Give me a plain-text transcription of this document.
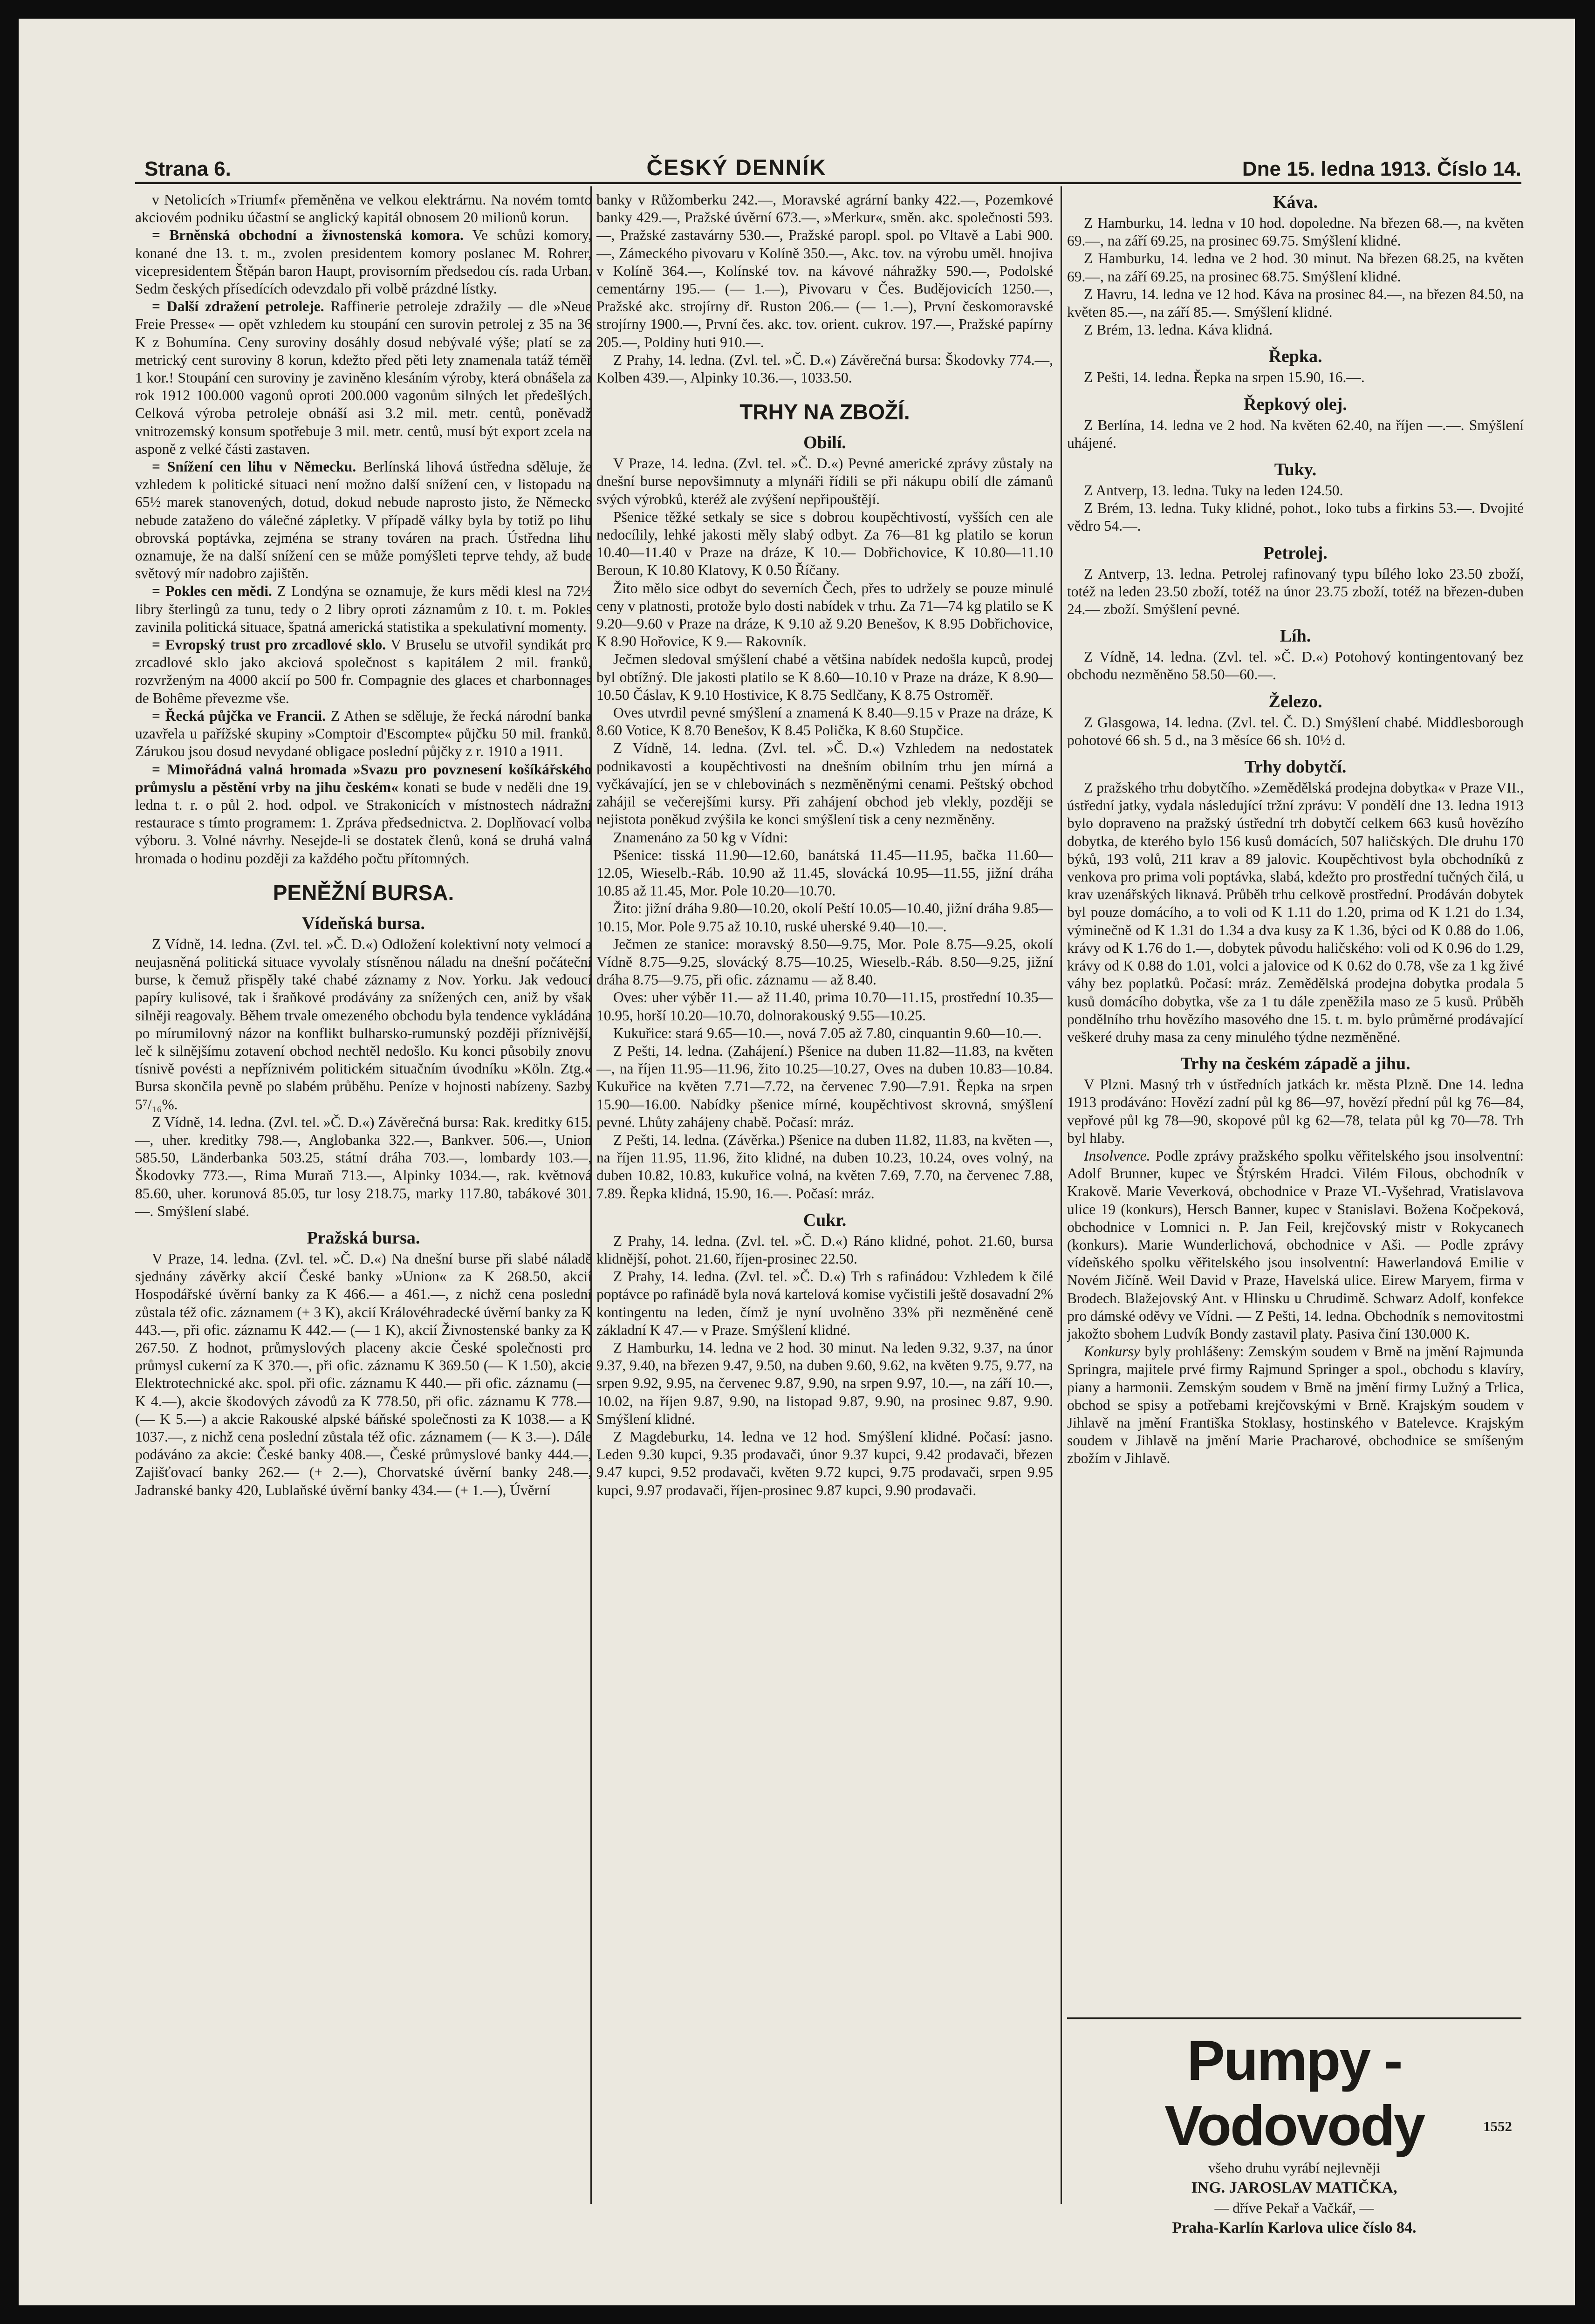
Strana 6.	ČESKÝ DENNÍK	Dne 15. ledna 1913. Číslo 14.

v Netolicích »Triumf« přeměněna ve velkou elektrárnu. Na novém tomto akciovém podniku účastní se anglický kapitál obnosem 20 milionů korun.

= Brněnská obchodní a živnostenská komora. Ve schůzi komory, konané dne 13. t. m., zvolen presidentem komory poslanec M. Rohrer, vicepresidentem Štěpán baron Haupt, provisorním předsedou cís. rada Urban. Sedm českých přísedících odevzdalo při volbě prázdné lístky.

= Další zdražení petroleje. Raffinerie petroleje zdražily — dle »Neue Freie Presse« — opět vzhledem ku stoupání cen surovin petrolej z 35 na 36 K z Bohumína. Ceny suroviny dosáhly dosud nebývalé výše; platí se za metrický cent suroviny 8 korun, kdežto před pěti lety znamenala tatáž téměř 1 kor.! Stoupání cen suroviny je zaviněno klesáním výroby, která obnášela za rok 1912 100.000 vagonů oproti 200.000 vagonům silných let předešlých. Celková výroba petroleje obnáší asi 3.2 mil. metr. centů, poněvadž vnitrozemský konsum spotřebuje 3 mil. metr. centů, musí být export zcela na asponě z velké části zastaven.

= Snížení cen lihu v Německu. Berlínská lihová ústředna sděluje, že vzhledem k politické situaci není možno další snížení cen, v listopadu na 65½ marek stanovených, dotud, dokud nebude naprosto jisto, že Německo nebude zataženo do válečné zápletky. V případě války byla by totiž po lihu obrovská poptávka, zejména se strany továren na prach. Ústředna lihu oznamuje, že na další snížení cen se může pomýšleti teprve tehdy, až bude světový mír nadobro zajištěn.

= Pokles cen mědi. Z Londýna se oznamuje, že kurs mědi klesl na 72½ libry šterlingů za tunu, tedy o 2 libry oproti záznamům z 10. t. m. Pokles zavinila politická situace, špatná americká statistika a spekulativní momenty.

= Evropský trust pro zrcadlové sklo. V Bruselu se utvořil syndikát pro zrcadlové sklo jako akciová společnost s kapitálem 2 mil. franků, rozvrženým na 4000 akcií po 500 fr. Compagnie des glaces et charbonnages de Bohême převezme vše.

= Řecká půjčka ve Francii. Z Athen se sděluje, že řecká národní banka uzavřela u pařížské skupiny »Comptoir d'Escompte« půjčku 50 mil. franků. Zárukou jsou dosud nevydané obligace poslední půjčky z r. 1910 a 1911.

= Mimořádná valná hromada »Svazu pro povznesení košíkářského průmyslu a pěstění vrby na jihu českém« konati se bude v neděli dne 19. ledna t. r. o půl 2. hod. odpol. ve Strakonicích v místnostech nádražní restaurace s tímto programem: 1. Zpráva předsednictva. 2. Doplňovací volba výboru. 3. Volné návrhy. Nesejde-li se dostatek členů, koná se druhá valná hromada o hodinu později za každého počtu přítomných.

PENĚŽNÍ BURSA.

Vídeňská bursa.

Z Vídně, 14. ledna. (Zvl. tel. »Č. D.«) Odložení kolektivní noty velmocí a neujasněná politická situace vyvolaly stísněnou náladu na dnešní počáteční burse, k čemuž přispěly také chabé záznamy z Nov. Yorku. Jak vedoucí papíry kulisové, tak i šraňkové prodávány za snížených cen, aniž by však silněji reagovaly. Během trvale omezeného obchodu byla tendence vykládána po mírumilovný názor na konflikt bulharsko-rumunský později příznivější, leč k silnějšímu zotavení obchod nechtěl nedošlo. Ku konci působily znovu tísnivě povésti a nepříznivém politickém situačním úvodníku »Köln. Ztg.« Bursa skončila pevně po slabém průběhu. Peníze v hojnosti nabízeny. Sazby 5⁷/₁₆%.

Z Vídně, 14. ledna. (Zvl. tel. »Č. D.«) Závěrečná bursa: Rak. kreditky 615.—, uher. kreditky 798.—, Anglobanka 322.—, Bankver. 506.—, Union 585.50, Länderbanka 503.25, státní dráha 703.—, lombardy 103.—, Škodovky 773.—, Rima Muraň 713.—, Alpinky 1034.—, rak. květnová 85.60, uher. korunová 85.05, tur losy 218.75, marky 117.80, tabákové 301.—. Smýšlení slabé.

Pražská bursa.

V Praze, 14. ledna. (Zvl. tel. »Č. D.«) Na dnešní burse při slabé náladě sjednány závěrky akcií České banky »Union« za K 268.50, akcií Hospodářské úvěrní banky za K 466.— a 461.—, z nichž cena poslední zůstala též ofic. záznamem (+ 3 K), akcií Královéhradecké úvěrní banky za K 443.—, při ofic. záznamu K 442.— (— 1 K), akcií Živnostenské banky za K 267.50. Z hodnot, průmyslových placeny akcie České společnosti pro průmysl cukerní za K 370.—, při ofic. záznamu K 369.50 (— K 1.50), akcie Elektrotechnické akc. spol. při ofic. záznamu K 440.— při ofic. záznamu (— K 4.—), akcie škodových závodů za K 778.50, při ofic. záznamu K 778.— (— K 5.—) a akcie Rakouské alpské báňské společnosti za K 1038.— a K 1037.—, z nichž cena poslední zůstala též ofic. záznamem (— K 3.—). Dále podáváno za akcie: České banky 408.—, České průmyslové banky 444.—, Zajišťovací banky 262.— (+ 2.—), Chorvatské úvěrní banky 248.—, Jadranské banky 420, Lublaňské úvěrní banky 434.— (+ 1.—), Úvěrní

banky v Růžomberku 242.—, Moravské agrární banky 422.—, Pozemkové banky 429.—, Pražské úvěrní 673.—, »Merkur«, směn. akc. společnosti 593.—, Pražské zastavárny 530.—, Pražské paropl. spol. po Vltavě a Labi 900.—, Zámeckého pivovaru v Kolíně 350.—, Akc. tov. na výrobu uměl. hnojiva v Kolíně 364.—, Kolínské tov. na kávové náhražky 590.—, Podolské cementárny 195.— (— 1.—), Pivovaru v Čes. Budějovicích 1250.—, Pražské akc. strojírny dř. Ruston 206.— (— 1.—), První českomoravské strojírny 1900.—, První čes. akc. tov. orient. cukrov. 197.—, Pražské papírny 205.—, Poldiny huti 910.—.

Z Prahy, 14. ledna. (Zvl. tel. »Č. D.«) Závěrečná bursa: Škodovky 774.—, Kolben 439.—, Alpinky 10.36.—, 1033.50.

TRHY NA ZBOŽÍ.

Obilí.

V Praze, 14. ledna. (Zvl. tel. »Č. D.«) Pevné americké zprávy zůstaly na dnešní burse nepovšimnuty a mlynáři řídili se při nákupu obilí dle zámanů svých výrobků, kteréž ale zvýšení nepřipouštějí.

Pšenice těžké setkaly se sice s dobrou koupěchtivostí, vyšších cen ale nedocílily, lehké jakosti měly slabý odbyt. Za 76—81 kg platilo se korun 10.40—11.40 v Praze na dráze, K 10.— Dobřichovice, K 10.80—11.10 Beroun, K 10.80 Klatovy, K 0.50 Říčany.

Žito mělo sice odbyt do severních Čech, přes to udržely se pouze minulé ceny v platnosti, protože bylo dosti nabídek v trhu. Za 71—74 kg platilo se K 9.20—9.60 v Praze na dráze, K 9.10 až 9.20 Benešov, K 8.95 Dobřichovice, K 8.90 Hořovice, K 9.— Rakovník.

Ječmen sledoval smýšlení chabé a většina nabídek nedošla kupců, prodej byl obtížný. Dle jakosti platilo se K 8.60—10.10 v Praze na dráze, K 8.90—10.50 Čáslav, K 9.10 Hostivice, K 8.75 Sedlčany, K 8.75 Ostroměř.

Oves utvrdil pevné smýšlení a znamená K 8.40—9.15 v Praze na dráze, K 8.60 Votice, K 8.70 Benešov, K 8.45 Polička, K 8.60 Stupčice.

Z Vídně, 14. ledna. (Zvl. tel. »Č. D.«) Vzhledem na nedostatek podnikavosti a koupěchtivosti na dnešním obilním trhu jen mírná a vyčkávající, jen se v chlebovinách s nezměněnými cenami. Peštský obchod zahájil se večerejšími kursy. Při zahájení obchod jeb vlekly, později se nejistota poněkud zvýšila ke konci smýšlení tisk a ceny nezměněny.

Znamenáno za 50 kg v Vídni:

Pšenice: tisská 11.90—12.60, banátská 11.45—11.95, bačka 11.60—12.05, Wieselb.-Ráb. 10.90 až 11.45, slovácká 10.95—11.55, jižní dráha 10.85 až 11.45, Mor. Pole 10.20—10.70.

Žito: jižní dráha 9.80—10.20, okolí Peští 10.05—10.40, jižní dráha 9.85—10.15, Mor. Pole 9.75 až 10.10, ruské uherské 9.40—10.—.

Ječmen ze stanice: moravský 8.50—9.75, Mor. Pole 8.75—9.25, okolí Vídně 8.75—9.25, slovácký 8.75—10.25, Wieselb.-Ráb. 8.50—9.25, jižní dráha 8.75—9.75, při ofic. záznamu — až 8.40.

Oves: uher výběr 11.— až 11.40, prima 10.70—11.15, prostřední 10.35—10.95, horší 10.20—10.70, dolnorakouský 9.55—10.25.

Kukuřice: stará 9.65—10.—, nová 7.05 až 7.80, cinquantin 9.60—10.—.

Z Pešti, 14. ledna. (Zahájení.) Pšenice na duben 11.82—11.83, na květen —, na říjen 11.95—11.96, žito 10.25—10.27, Oves na duben 10.83—10.84. Kukuřice na květen 7.71—7.72, na červenec 7.90—7.91. Řepka na srpen 15.90—16.00. Nabídky pšenice mírné, koupěchtivost skrovná, smýšlení pevné. Lhůty zahájeny chabě. Počasí: mráz.

Z Pešti, 14. ledna. (Závěrka.) Pšenice na duben 11.82, 11.83, na květen —, na říjen 11.95, 11.96, žito klidné, na duben 10.23, 10.24, oves volný, na duben 10.82, 10.83, kukuřice volná, na květen 7.69, 7.70, na červenec 7.88, 7.89. Řepka klidná, 15.90, 16.—. Počasí: mráz.

Cukr.

Z Prahy, 14. ledna. (Zvl. tel. »Č. D.«) Ráno klidné, pohot. 21.60, bursa klidnější, pohot. 21.60, říjen-prosinec 22.50.

Z Prahy, 14. ledna. (Zvl. tel. »Č. D.«) Trh s rafinádou: Vzhledem k čilé poptávce po rafinádě byla nová kartelová komise vyčistili ještě dosavadní 2% kontingentu na leden, čímž je nyní uvolněno 33% při nezměněné ceně základní K 47.— v Praze. Smýšlení klidné.

Z Hamburku, 14. ledna ve 2 hod. 30 minut. Na leden 9.32, 9.37, na únor 9.37, 9.40, na březen 9.47, 9.50, na duben 9.60, 9.62, na květen 9.75, 9.77, na srpen 9.92, 9.95, na červenec 9.87, 9.90, na srpen 9.97, 10.—, na září 10.—, 10.02, na říjen 9.87, 9.90, na listopad 9.87, 9.90, na prosinec 9.87, 9.90. Smýšlení klidné.

Z Magdeburku, 14. ledna ve 12 hod. Smýšlení klidné. Počasí: jasno. Leden 9.30 kupci, 9.35 prodavači, únor 9.37 kupci, 9.42 prodavači, březen 9.47 kupci, 9.52 prodavači, květen 9.72 kupci, 9.75 prodavači, srpen 9.95 kupci, 9.97 prodavači, říjen-prosinec 9.87 kupci, 9.90 prodavači.

Káva.

Z Hamburku, 14. ledna v 10 hod. dopoledne. Na březen 68.—, na květen 69.—, na září 69.25, na prosinec 69.75. Smýšlení klidné.

Z Hamburku, 14. ledna ve 2 hod. 30 minut. Na březen 68.25, na květen 69.—, na září 69.25, na prosinec 68.75. Smýšlení klidné.

Z Havru, 14. ledna ve 12 hod. Káva na prosinec 84.—, na březen 84.50, na květen 85.—, na září 85.—. Smýšlení klidné.

Z Brém, 13. ledna. Káva klidná.

Řepka.

Z Pešti, 14. ledna. Řepka na srpen 15.90, 16.—.

Řepkový olej.

Z Berlína, 14. ledna ve 2 hod. Na květen 62.40, na říjen —.—. Smýšlení uhájené.

Tuky.

Z Antverp, 13. ledna. Tuky na leden 124.50.

Z Brém, 13. ledna. Tuky klidné, pohot., loko tubs a firkins 53.—. Dvojité vědro 54.—.

Petrolej.

Z Antverp, 13. ledna. Petrolej rafinovaný typu bílého loko 23.50 zboží, totéž na leden 23.50 zboží, totéž na únor 23.75 zboží, totéž na březen-duben 24.— zboží. Smýšlení pevné.

Líh.

Z Vídně, 14. ledna. (Zvl. tel. »Č. D.«) Potohový kontingentovaný bez obchodu nezměněno 58.50—60.—.

Železo.

Z Glasgowa, 14. ledna. (Zvl. tel. Č. D.) Smýšlení chabé. Middlesborough pohotové 66 sh. 5 d., na 3 měsíce 66 sh. 10½ d.

Trhy dobytčí.

Z pražského trhu dobytčího. »Zemědělská prodejna dobytka« v Praze VII., ústřední jatky, vydala následující tržní zprávu: V pondělí dne 13. ledna 1913 bylo dopraveno na pražský ústřední trh dobytčí celkem 663 kusů hovězího dobytka, de kterého bylo 156 kusů domácích, 507 haličských. Dle druhu 170 býků, 193 volů, 211 krav a 89 jalovic. Koupěchtivost byla obchodníků z venkova pro prima voli poptávka, slabá, kdežto pro prostřední tučných čilá, u krav uzenářských liknavá. Průběh trhu celkově prostřední. Prodáván dobytek byl pouze domácího, a to voli od K 1.11 do 1.20, prima od K 1.21 do 1.34, výminečně od K 1.31 do 1.34 a dva kusy za K 1.36, býci od K 0.88 do 1.06, krávy od K 1.76 do 1.—, dobytek původu haličského: voli od K 0.96 do 1.29, krávy od K 0.88 do 1.01, volci a jalovice od K 0.62 do 0.78, vše za 1 kg živé váhy bez poplatků. Počasí: mráz. Zemědělská prodejna dobytka prodala 5 kusů domácího dobytka, vše za 1 tu dále zpeněžila maso ze 5 kusů. Průběh pondělního trhu hovězího masového dne 15. t. m. bylo průměrné prodávající veškeré druhy masa za ceny minulého týdne nezměněné.

Trhy na českém západě a jihu.

V Plzni. Masný trh v ústředních jatkách kr. města Plzně. Dne 14. ledna 1913 prodáváno: Hovězí zadní půl kg 86—97, hovězí přední půl kg 76—84, vepřové půl kg 78—90, skopové půl kg 62—78, telata půl kg 70—78. Trh byl hlaby.

Insolvence. Podle zprávy pražského spolku věřitelského jsou insolventní: Adolf Brunner, kupec ve Štýrském Hradci. Vilém Filous, obchodník v Krakově. Marie Veverková, obchodnice v Praze VI.-Vyšehrad, Vratislavova ulice 19 (konkurs), Hersch Banner, kupec v Stanislavi. Božena Kočpeková, obchodnice v Lomnici n. P. Jan Feil, krejčovský mistr v Rokycanech (konkurs). Marie Wunderlichová, obchodnice v Aši. — Podle zprávy vídeňského spolku věřitelského jsou insolventní: Hawerlandová Emilie v Novém Jičíně. Weil David v Praze, Havelská ulice. Eirew Maryem, firma v Brodech. Blažejovský Ant. v Hlinsku u Chrudimě. Schwarz Adolf, konfekce pro dámské oděvy ve Vídni. — Z Pešti, 14. ledna. Obchodník s nemovitostmi jakožto sbohem Ludvík Bondy zastavil platy. Pasiva činí 130.000 K.

Konkursy byly prohlášeny: Zemským soudem v Brně na jmění Rajmunda Springra, majitele prvé firmy Rajmund Springer a spol., obchodu s klavíry, piany a harmonii. Zemským soudem v Brně na jmění firmy Lužný a Trlica, obchod se spisy a potřebami krejčovskými v Brně. Krajským soudem v Jihlavě na jmění Františka Stoklasy, hostinského v Batelevce. Krajským soudem v Jihlavě na jmění Marie Pracharové, obchodnice se smíšeným zbožím v Jihlavě.

Pumpy - Vodovody
všeho druhu vyrábí nejlevněji
ING. JAROSLAV MATIČKA,
— dříve Pekař a Vačkář, —
Praha-Karlín Karlova ulice číslo 84.
1552
